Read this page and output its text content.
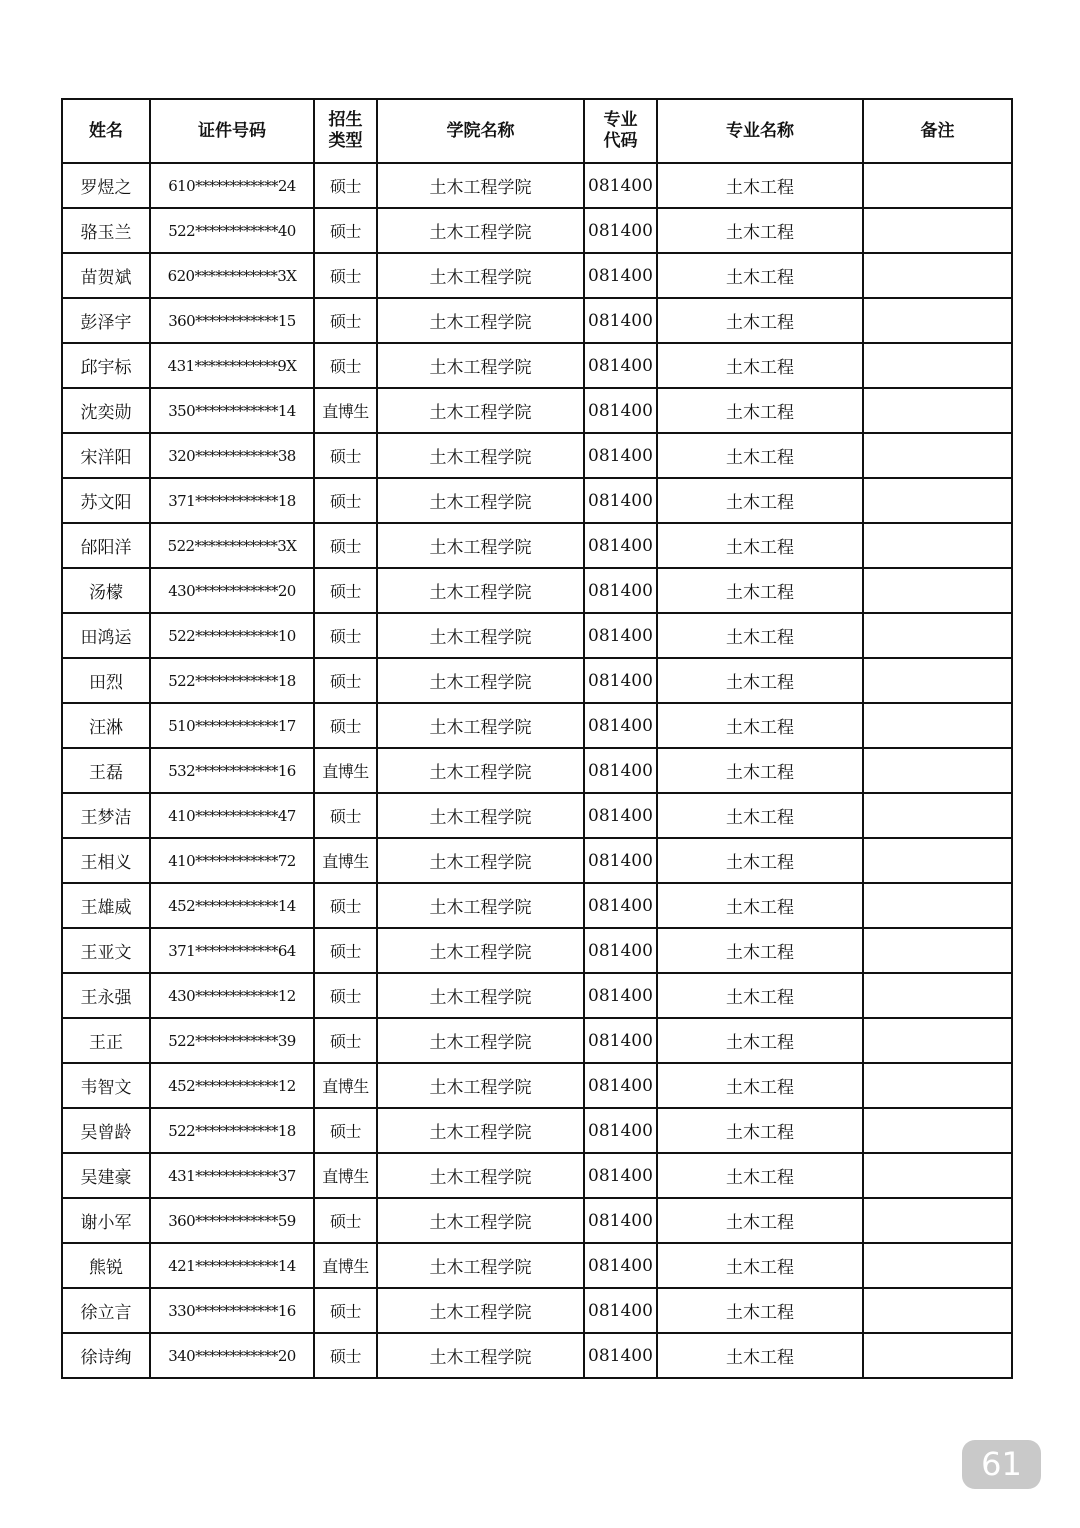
姓名	证件号码	招生类型	学院名称	专业代码	专业名称	备注
罗煜之	610************24	硕士	土木工程学院	081400	土木工程	
骆玉兰	522************40	硕士	土木工程学院	081400	土木工程	
苗贺斌	620************3X	硕士	土木工程学院	081400	土木工程	
彭泽宇	360************15	硕士	土木工程学院	081400	土木工程	
邱宇标	431************9X	硕士	土木工程学院	081400	土木工程	
沈奕勋	350************14	直博生	土木工程学院	081400	土木工程	
宋洋阳	320************38	硕士	土木工程学院	081400	土木工程	
苏文阳	371************18	硕士	土木工程学院	081400	土木工程	
邰阳洋	522************3X	硕士	土木工程学院	081400	土木工程	
汤檬	430************20	硕士	土木工程学院	081400	土木工程	
田鸿运	522************10	硕士	土木工程学院	081400	土木工程	
田烈	522************18	硕士	土木工程学院	081400	土木工程	
汪淋	510************17	硕士	土木工程学院	081400	土木工程	
王磊	532************16	直博生	土木工程学院	081400	土木工程	
王梦洁	410************47	硕士	土木工程学院	081400	土木工程	
王相义	410************72	直博生	土木工程学院	081400	土木工程	
王雄威	452************14	硕士	土木工程学院	081400	土木工程	
王亚文	371************64	硕士	土木工程学院	081400	土木工程	
王永强	430************12	硕士	土木工程学院	081400	土木工程	
王正	522************39	硕士	土木工程学院	081400	土木工程	
韦智文	452************12	直博生	土木工程学院	081400	土木工程	
吴曾龄	522************18	硕士	土木工程学院	081400	土木工程	
吴建豪	431************37	直博生	土木工程学院	081400	土木工程	
谢小军	360************59	硕士	土木工程学院	081400	土木工程	
熊锐	421************14	直博生	土木工程学院	081400	土木工程	
徐立言	330************16	硕士	土木工程学院	081400	土木工程	
徐诗绚	340************20	硕士	土木工程学院	081400	土木工程	
61
